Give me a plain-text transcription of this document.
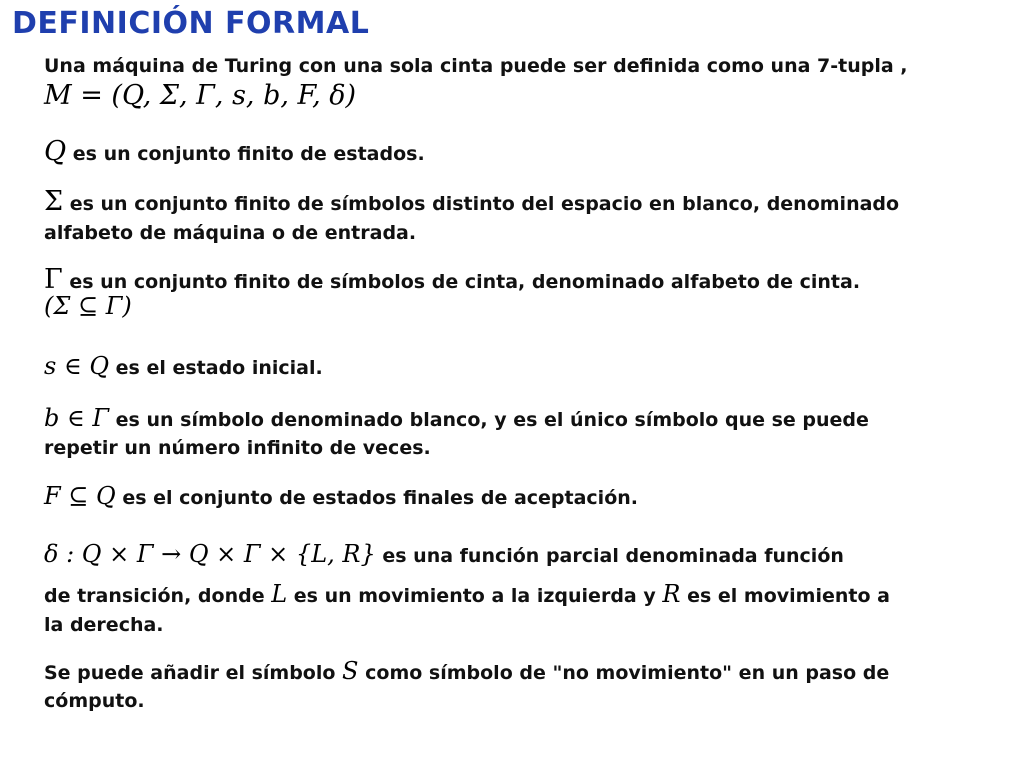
DEFINICIÓN FORMAL
Una máquina de Turing con una sola cinta puede ser definida como una 7-tupla ,
M = (Q, Σ, Γ, s, b, F, δ)
Q es un conjunto finito de estados.
Σ es un conjunto finito de símbolos distinto del espacio en blanco, denominado
alfabeto de máquina o de entrada.
Γ es un conjunto finito de símbolos de cinta, denominado alfabeto de cinta.
(Σ ⊆ Γ)
s ∈ Q es el estado inicial.
b ∈ Γ es un símbolo denominado blanco, y es el único símbolo que se puede
repetir un número infinito de veces.
F ⊆ Q es el conjunto de estados finales de aceptación.
δ : Q × Γ → Q × Γ × {L, R} es una función parcial denominada función
de transición, donde L es un movimiento a la izquierda y R es el movimiento a
la derecha.
Se puede añadir el símbolo S como símbolo de "no movimiento" en un paso de
cómputo.
